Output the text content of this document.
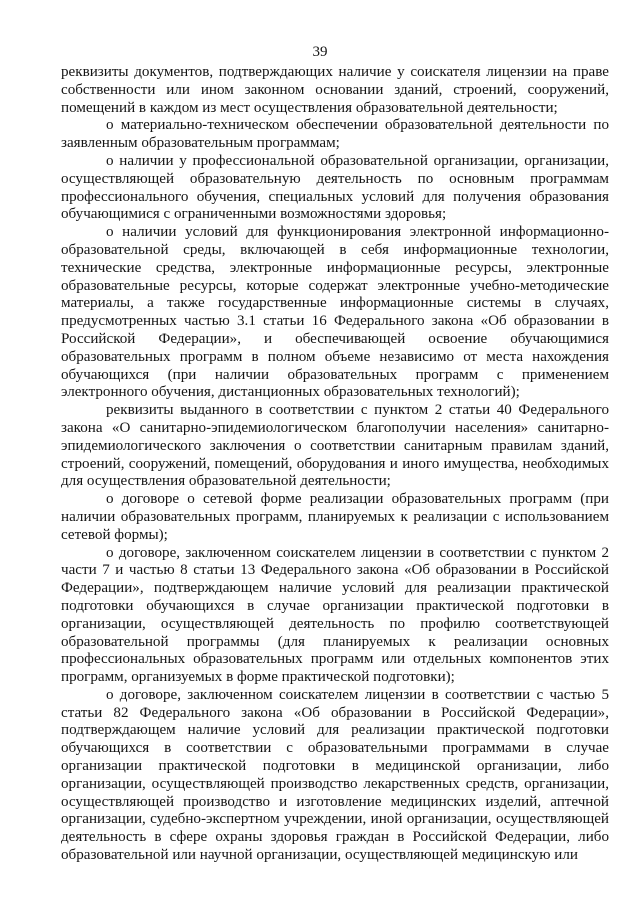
39

реквизиты документов, подтверждающих наличие у соискателя лицензии на праве собственности или ином законном основании зданий, строений, сооружений, помещений в каждом из мест осуществления образовательной деятельности;

о материально-техническом обеспечении образовательной деятельности по заявленным образовательным программам;

о наличии у профессиональной образовательной организации, организации, осуществляющей образовательную деятельность по основным программам профессионального обучения, специальных условий для получения образования обучающимися с ограниченными возможностями здоровья;

о наличии условий для функционирования электронной информационно-образовательной среды, включающей в себя информационные технологии, технические средства, электронные информационные ресурсы, электронные образовательные ресурсы, которые содержат электронные учебно-методические материалы, а также государственные информационные системы в случаях, предусмотренных частью 3.1 статьи 16 Федерального закона «Об образовании в Российской Федерации», и обеспечивающей освоение обучающимися образовательных программ в полном объеме независимо от места нахождения обучающихся (при наличии образовательных программ с применением электронного обучения, дистанционных образовательных технологий);

реквизиты выданного в соответствии с пунктом 2 статьи 40 Федерального закона «О санитарно-эпидемиологическом благополучии населения» санитарно-эпидемиологического заключения о соответствии санитарным правилам зданий, строений, сооружений, помещений, оборудования и иного имущества, необходимых для осуществления образовательной деятельности;

о договоре о сетевой форме реализации образовательных программ (при наличии образовательных программ, планируемых к реализации с использованием сетевой формы);

о договоре, заключенном соискателем лицензии в соответствии с пунктом 2 части 7 и частью 8 статьи 13 Федерального закона «Об образовании в Российской Федерации», подтверждающем наличие условий для реализации практической подготовки обучающихся в случае организации практической подготовки в организации, осуществляющей деятельность по профилю соответствующей образовательной программы (для планируемых к реализации основных профессиональных образовательных программ или отдельных компонентов этих программ, организуемых в форме практической подготовки);

о договоре, заключенном соискателем лицензии в соответствии с частью 5 статьи 82 Федерального закона «Об образовании в Российской Федерации», подтверждающем наличие условий для реализации практической подготовки обучающихся в соответствии с образовательными программами в случае организации практической подготовки в медицинской организации, либо организации, осуществляющей производство лекарственных средств, организации, осуществляющей производство и изготовление медицинских изделий, аптечной организации, судебно-экспертном учреждении, иной организации, осуществляющей деятельность в сфере охраны здоровья граждан в Российской Федерации, либо образовательной или научной организации, осуществляющей медицинскую или
